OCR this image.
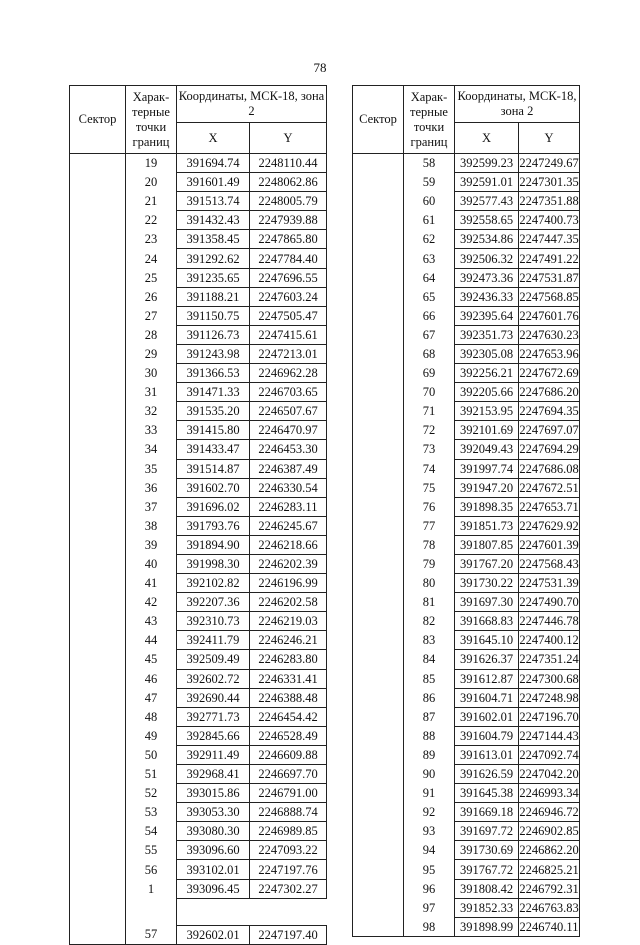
78
Сектор	Харак-терные точки границ	Координаты, МСК-18, зона 2	
		X	Y
	19	391694.74	2248110.44
	20	391601.49	2248062.86
	21	391513.74	2248005.79
	22	391432.43	2247939.88
	23	391358.45	2247865.80
	24	391292.62	2247784.40
	25	391235.65	2247696.55
	26	391188.21	2247603.24
	27	391150.75	2247505.47
	28	391126.73	2247415.61
	29	391243.98	2247213.01
	30	391366.53	2246962.28
	31	391471.33	2246703.65
	32	391535.20	2246507.67
	33	391415.80	2246470.97
	34	391433.47	2246453.30
	35	391514.87	2246387.49
	36	391602.70	2246330.54
	37	391696.02	2246283.11
	38	391793.76	2246245.67
	39	391894.90	2246218.66
	40	391998.30	2246202.39
	41	392102.82	2246196.99
	42	392207.36	2246202.58
	43	392310.73	2246219.03
	44	392411.79	2246246.21
	45	392509.49	2246283.80
	46	392602.72	2246331.41
	47	392690.44	2246388.48
	48	392771.73	2246454.42
	49	392845.66	2246528.49
	50	392911.49	2246609.88
	51	392968.41	2246697.70
	52	393015.86	2246791.00
	53	393053.30	2246888.74
	54	393080.30	2246989.85
	55	393096.60	2247093.22
	56	393102.01	2247197.76
	1	393096.45	2247302.27

	57	392602.01	2247197.40
Сектор	Харак-терные точки границ	Координаты, МСК-18, зона 2	
		X	Y
	58	392599.23	2247249.67
	59	392591.01	2247301.35
	60	392577.43	2247351.88
	61	392558.65	2247400.73
	62	392534.86	2247447.35
	63	392506.32	2247491.22
	64	392473.36	2247531.87
	65	392436.33	2247568.85
	66	392395.64	2247601.76
	67	392351.73	2247630.23
	68	392305.08	2247653.96
	69	392256.21	2247672.69
	70	392205.66	2247686.20
	71	392153.95	2247694.35
	72	392101.69	2247697.07
	73	392049.43	2247694.29
	74	391997.74	2247686.08
	75	391947.20	2247672.51
	76	391898.35	2247653.71
	77	391851.73	2247629.92
	78	391807.85	2247601.39
	79	391767.20	2247568.43
	80	391730.22	2247531.39
	81	391697.30	2247490.70
	82	391668.83	2247446.78
	83	391645.10	2247400.12
	84	391626.37	2247351.24
	85	391612.87	2247300.68
	86	391604.71	2247248.98
	87	391602.01	2247196.70
	88	391604.79	2247144.43
	89	391613.01	2247092.74
	90	391626.59	2247042.20
	91	391645.38	2246993.34
	92	391669.18	2246946.72
	93	391697.72	2246902.85
	94	391730.69	2246862.20
	95	391767.72	2246825.21
	96	391808.42	2246792.31
	97	391852.33	2246763.83
	98	391898.99	2246740.11
